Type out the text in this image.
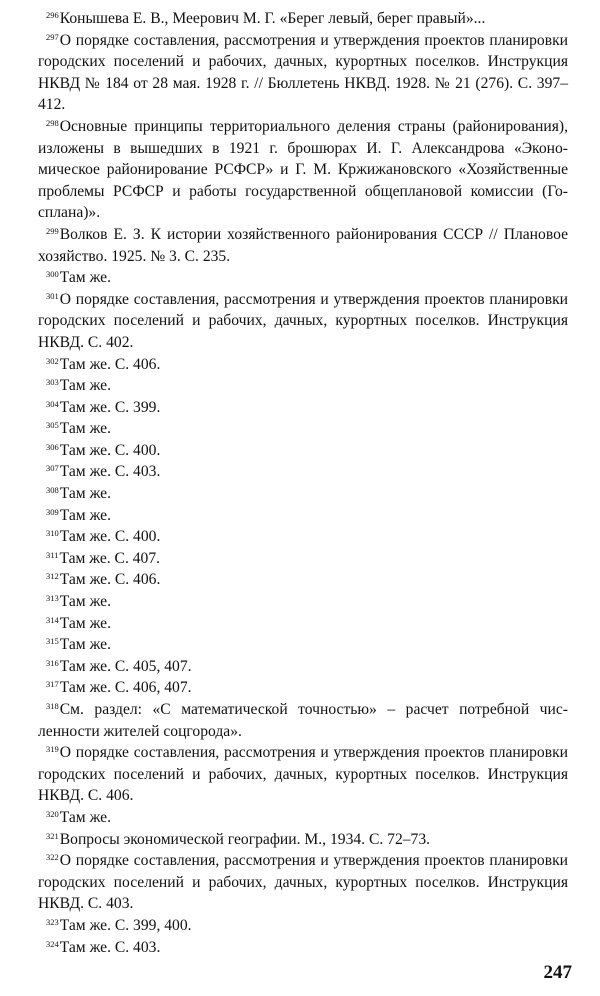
$^{296}$Конышева Е. В., Меерович М. Г. «Берег левый, берег правый»...

$^{297}$О порядке составления, рассмотрения и утверждения проектов планировки городских поселений и рабочих, дачных, курортных поселков. Инструкция НКВД № 184 от 28 мая. 1928 г. // Бюллетень НКВД. 1928. № 21 (276). С. 397–412.

$^{298}$Основные принципы территориального деления страны (районирования), изложены в вышедших в 1921 г. брошюрах И. Г. Александрова «Экономическое районирование РСФСР» и Г. М. Кржижановского «Хозяйственные проблемы РСФСР и работы государственной общеплановой комиссии (Госплана)».

$^{299}$Волков Е. З. К истории хозяйственного районирования СССР // Плановое хозяйство. 1925. № 3. С. 235.

$^{300}$Там же.

$^{301}$О порядке составления, рассмотрения и утверждения проектов планировки городских поселений и рабочих, дачных, курортных поселков. Инструкция НКВД. С. 402.

$^{302}$Там же. С. 406.

$^{303}$Там же.

$^{304}$Там же. С. 399.

$^{305}$Там же.

$^{306}$Там же. С. 400.

$^{307}$Там же. С. 403.

$^{308}$Там же.

$^{309}$Там же.

$^{310}$Там же. С. 400.

$^{311}$Там же. С. 407.

$^{312}$Там же. С. 406.

$^{313}$Там же.

$^{314}$Там же.

$^{315}$Там же.

$^{316}$Там же. С. 405, 407.

$^{317}$Там же. С. 406, 407.

$^{318}$См. раздел: «С математической точностью» – расчет потребной численности жителей соцгорода».

$^{319}$О порядке составления, рассмотрения и утверждения проектов планировки городских поселений и рабочих, дачных, курортных поселков. Инструкция НКВД. С. 406.

$^{320}$Там же.

$^{321}$Вопросы экономической географии. М., 1934. С. 72–73.

$^{322}$О порядке составления, рассмотрения и утверждения проектов планировки городских поселений и рабочих, дачных, курортных поселков. Инструкция НКВД. С. 403.

$^{323}$Там же. С. 399, 400.

$^{324}$Там же. С. 403.

247
